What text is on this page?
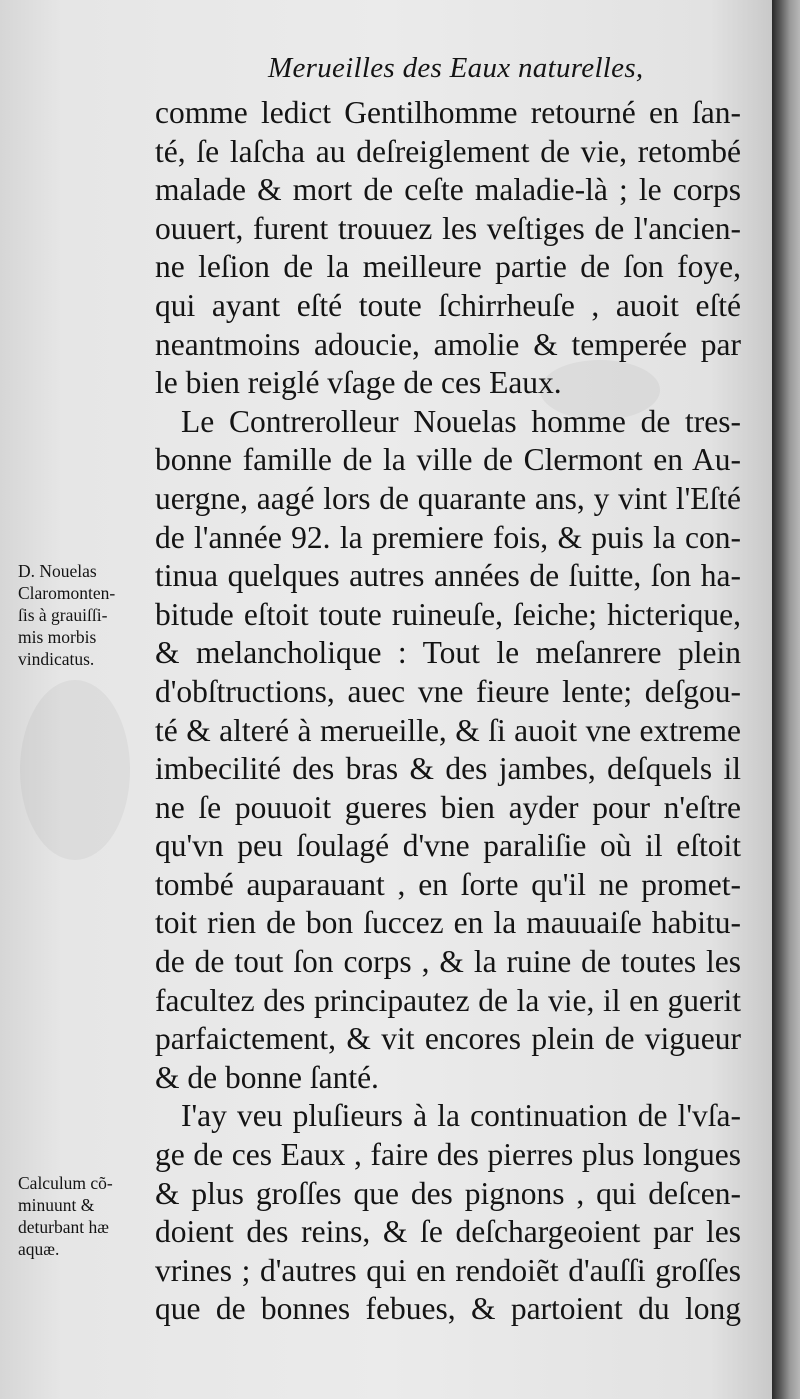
Merueilles des Eaux naturelles,
comme ledict Gentilhomme retourné en ſan-
té, ſe laſcha au deſreiglement de vie, retombé
malade & mort de ceſte maladie-là ; le corps
ouuert, furent trouuez les veſtiges de l'ancien-
ne leſion de la meilleure partie de ſon foye,
qui ayant eſté toute ſchirrheuſe , auoit eſté
neantmoins adoucie, amolie & temperée par
le bien reiglé vſage de ces Eaux.
Le Contrerolleur Nouelas homme de tres-
bonne famille de la ville de Clermont en Au-
uergne, aagé lors de quarante ans, y vint l'Eſté
de l'année 92. la premiere fois, & puis la con-
tinua quelques autres années de ſuitte, ſon ha-
bitude eſtoit toute ruineuſe, ſeiche; hicterique,
& melancholique : Tout le meſanrere plein
d'obſtructions, auec vne fieure lente; deſgou-
té & alteré à merueille, & ſi auoit vne extreme
imbecilité des bras & des jambes, deſquels il
ne ſe pouuoit gueres bien ayder pour n'eſtre
qu'vn peu ſoulagé d'vne paraliſie où il eſtoit
tombé auparauant , en ſorte qu'il ne promet-
toit rien de bon ſuccez en la mauuaiſe habitu-
de de tout ſon corps , & la ruine de toutes les
facultez des principautez de la vie, il en guerit
parfaictement, & vit encores plein de vigueur
& de bonne ſanté.
I'ay veu pluſieurs à la continuation de l'vſa-
ge de ces Eaux , faire des pierres plus longues
& plus groſſes que des pignons , qui deſcen-
doient des reins, & ſe deſchargeoient par les
vrines ; d'autres qui en rendoiẽt d'auſſi groſſes
que de bonnes febues, & partoient du long
D. Nouelas
Claromonten-
ſis à grauiſſi-
mis morbis
vindicatus.
Calculum cõ-
minuunt &
deturbant hæ
aquæ.
